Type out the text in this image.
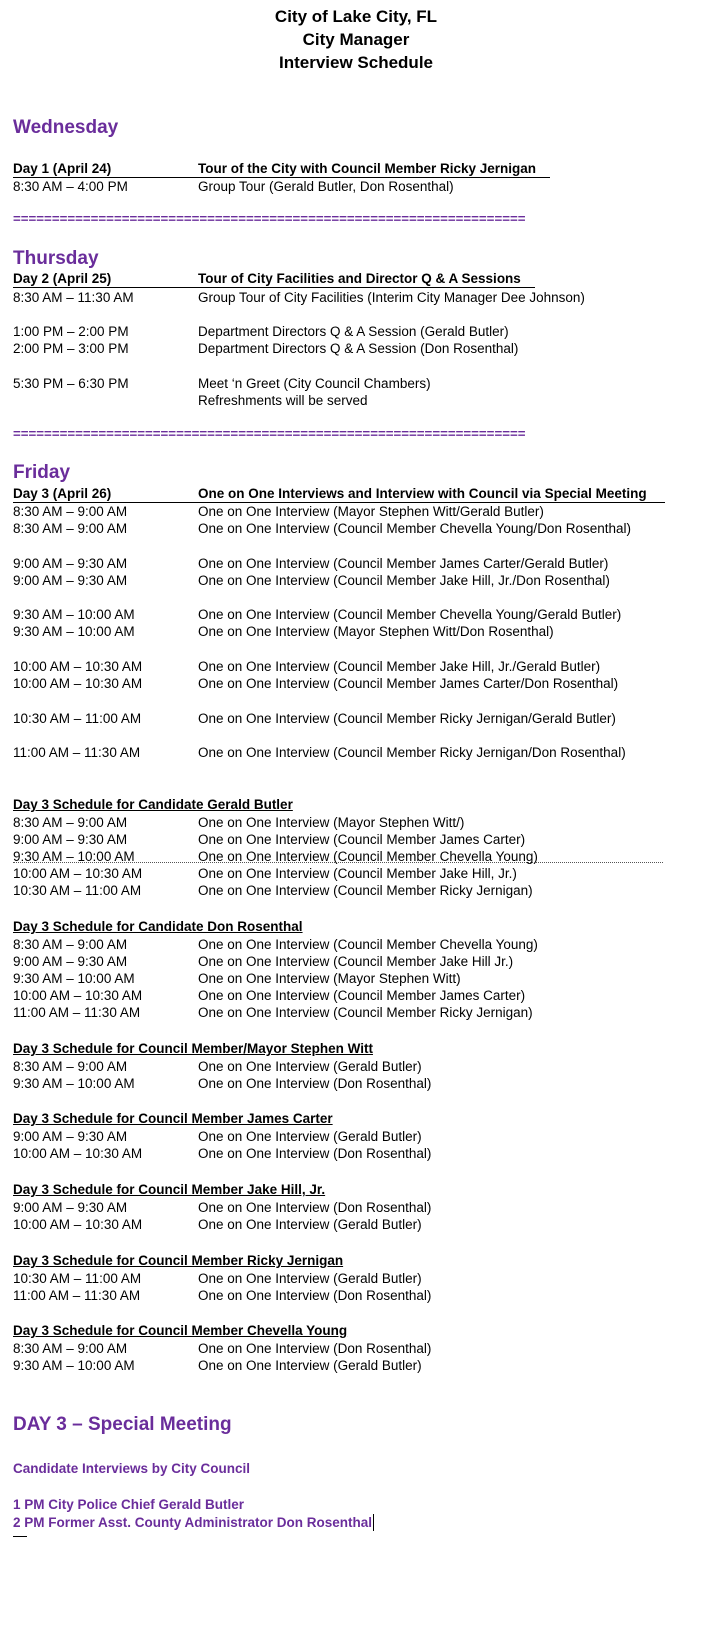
City of Lake City, FL
City Manager
Interview Schedule
Wednesday
Day 1 (April 24)	Tour of the City with Council Member Ricky Jernigan
8:30 AM – 4:00 PM	Group Tour (Gerald Butler, Don Rosenthal)
==================================================================
Thursday
Day 2 (April 25)	Tour of City Facilities and Director Q & A Sessions
8:30 AM – 11:30 AM	Group Tour of City Facilities (Interim City Manager Dee Johnson)
1:00 PM – 2:00 PM	Department Directors Q & A Session (Gerald Butler)
2:00 PM – 3:00 PM	Department Directors Q & A Session (Don Rosenthal)
5:30 PM – 6:30 PM	Meet ‘n Greet (City Council Chambers)
Refreshments will be served
==================================================================
Friday
Day 3 (April 26)	One on One Interviews and Interview with Council via Special Meeting
8:30 AM – 9:00 AM	One on One Interview (Mayor Stephen Witt/Gerald Butler)
8:30 AM – 9:00 AM	One on One Interview (Council Member Chevella Young/Don Rosenthal)
9:00 AM – 9:30 AM	One on One Interview (Council Member James Carter/Gerald Butler)
9:00 AM – 9:30 AM	One on One Interview (Council Member Jake Hill, Jr./Don Rosenthal)
9:30 AM – 10:00 AM	One on One Interview (Council Member Chevella Young/Gerald Butler)
9:30 AM – 10:00 AM	One on One Interview (Mayor Stephen Witt/Don Rosenthal)
10:00 AM – 10:30 AM	One on One Interview (Council Member Jake Hill, Jr./Gerald Butler)
10:00 AM – 10:30 AM	One on One Interview (Council Member James Carter/Don Rosenthal)
10:30 AM – 11:00 AM	One on One Interview (Council Member Ricky Jernigan/Gerald Butler)
11:00 AM – 11:30 AM	One on One Interview (Council Member Ricky Jernigan/Don Rosenthal)
Day 3 Schedule for Candidate Gerald Butler
8:30 AM – 9:00 AM	One on One Interview (Mayor Stephen Witt/)
9:00 AM – 9:30 AM	One on One Interview (Council Member James Carter)
9:30 AM – 10:00 AM	One on One Interview (Council Member Chevella Young)
10:00 AM – 10:30 AM	One on One Interview (Council Member Jake Hill, Jr.)
10:30 AM – 11:00 AM	One on One Interview (Council Member Ricky Jernigan)
Day 3 Schedule for Candidate Don Rosenthal
8:30 AM – 9:00 AM	One on One Interview (Council Member Chevella Young)
9:00 AM – 9:30 AM	One on One Interview (Council Member Jake Hill Jr.)
9:30 AM – 10:00 AM	One on One Interview (Mayor Stephen Witt)
10:00 AM – 10:30 AM	One on One Interview (Council Member James Carter)
11:00 AM – 11:30 AM	One on One Interview (Council Member Ricky Jernigan)
Day 3 Schedule for Council Member/Mayor Stephen Witt
8:30 AM – 9:00 AM	One on One Interview (Gerald Butler)
9:30 AM – 10:00 AM	One on One Interview (Don Rosenthal)
Day 3 Schedule for Council Member James Carter
9:00 AM – 9:30 AM	One on One Interview (Gerald Butler)
10:00 AM – 10:30 AM	One on One Interview (Don Rosenthal)
Day 3 Schedule for Council Member Jake Hill, Jr.
9:00 AM – 9:30 AM	One on One Interview (Don Rosenthal)
10:00 AM – 10:30 AM	One on One Interview (Gerald Butler)
Day 3 Schedule for Council Member Ricky Jernigan
10:30 AM – 11:00 AM	One on One Interview (Gerald Butler)
11:00 AM – 11:30 AM	One on One Interview (Don Rosenthal)
Day 3 Schedule for Council Member Chevella Young
8:30 AM – 9:00 AM	One on One Interview (Don Rosenthal)
9:30 AM – 10:00 AM	One on One Interview (Gerald Butler)
DAY 3 – Special Meeting
Candidate Interviews by City Council
1 PM City Police Chief Gerald Butler
2 PM Former Asst. County Administrator Don Rosenthal
